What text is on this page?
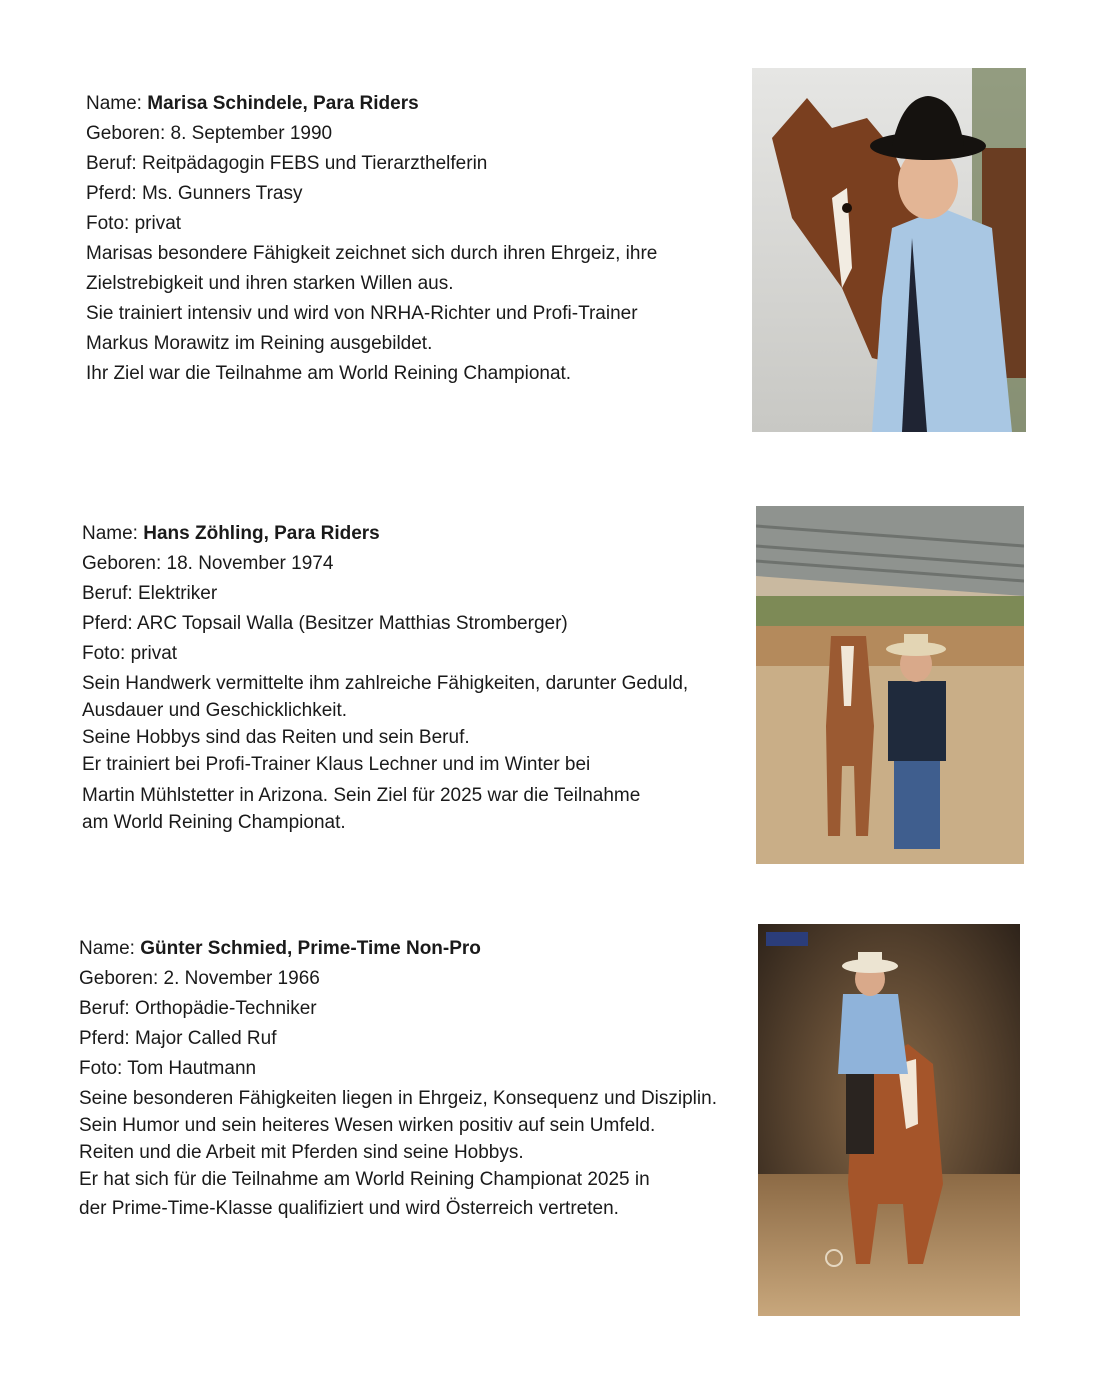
Name: Marisa Schindele, Para Riders
Geboren: 8. September 1990
Beruf: Reitpädagogin FEBS und Tierarzthelferin
Pferd: Ms. Gunners Trasy
Foto: privat
Marisas besondere Fähigkeit zeichnet sich durch ihren Ehrgeiz, ihre
Zielstrebigkeit und ihren starken Willen aus.
Sie trainiert intensiv und wird von NRHA-Richter und Profi-Trainer
Markus Morawitz im Reining ausgebildet.
Ihr Ziel war die Teilnahme am World Reining Championat.
Name: Hans Zöhling, Para Riders
Geboren: 18. November 1974
Beruf: Elektriker
Pferd: ARC Topsail Walla (Besitzer Matthias Stromberger)
Foto: privat
Sein Handwerk vermittelte ihm zahlreiche Fähigkeiten, darunter Geduld,
Ausdauer und Geschicklichkeit.
Seine Hobbys sind das Reiten und sein Beruf.
Er trainiert bei Profi-Trainer Klaus Lechner und im Winter bei
Martin Mühlstetter in Arizona. Sein Ziel für 2025 war die Teilnahme
am World Reining Championat.
Name: Günter Schmied, Prime-Time Non-Pro
Geboren: 2. November 1966
Beruf: Orthopädie-Techniker
Pferd: Major Called Ruf
Foto: Tom Hautmann
Seine besonderen Fähigkeiten liegen in Ehrgeiz, Konsequenz und Disziplin.
Sein Humor und sein heiteres Wesen wirken positiv auf sein Umfeld.
Reiten und die Arbeit mit Pferden sind seine Hobbys.
Er hat sich für die Teilnahme am World Reining Championat 2025 in
der Prime-Time-Klasse qualifiziert und wird Österreich vertreten.
